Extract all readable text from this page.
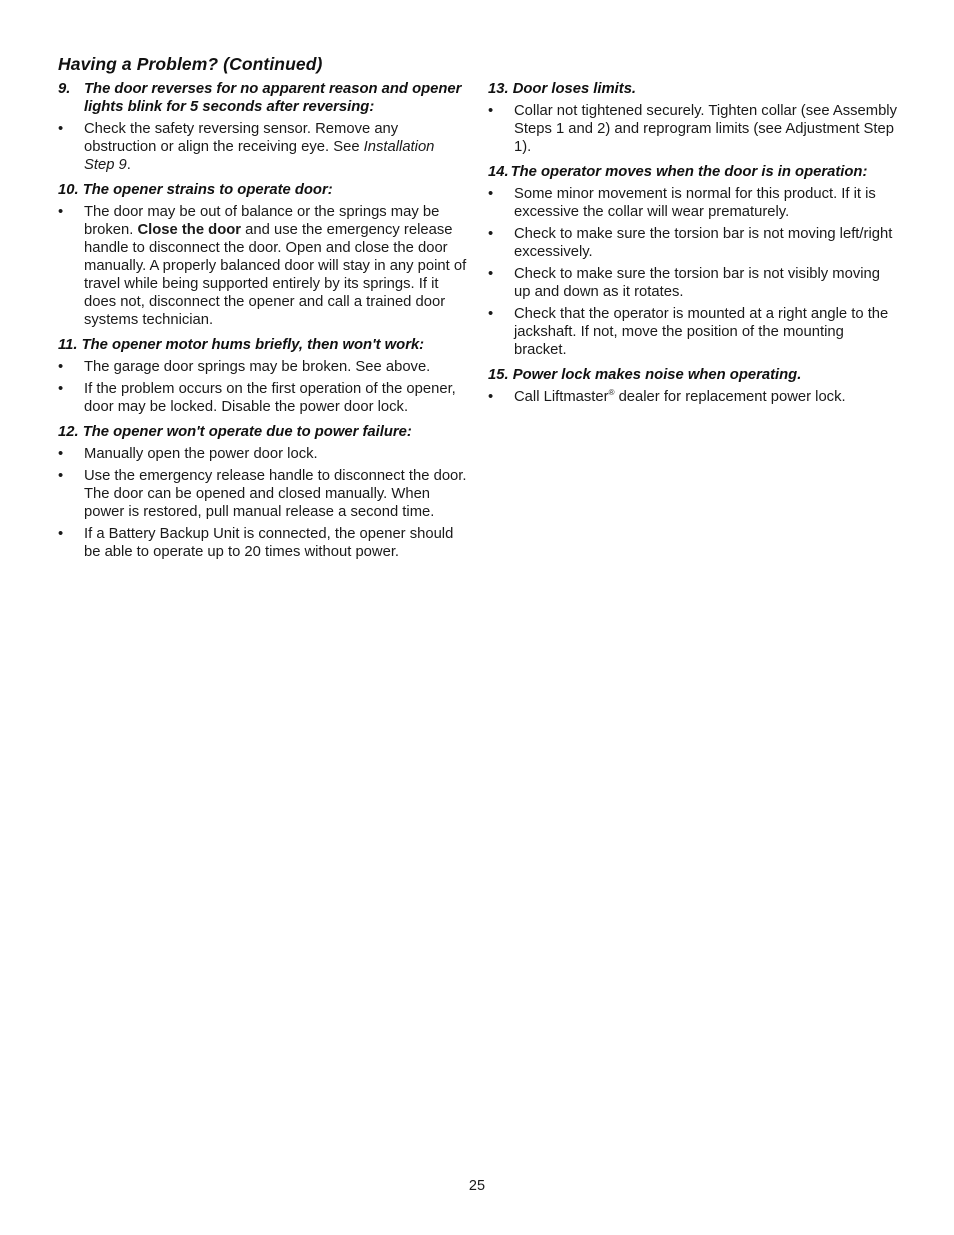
Having a Problem? (Continued)
9. The door reverses for no apparent reason and opener lights blink for 5 seconds after reversing:
•	Check the safety reversing sensor. Remove any obstruction or align the receiving eye. See Installation Step 9.
10.
The opener strains to operate door:
•	The door may be out of balance or the springs may be broken. Close the door and use the emergency release handle to disconnect the door. Open and close the door manually. A properly balanced door will stay in any point of travel while being supported entirely by its springs. If it does not, disconnect the opener and call a trained door systems technician.
11.
The opener motor hums briefly, then won't work:
•	The garage door springs may be broken. See above.
•	If the problem occurs on the first operation of the opener, door may be locked. Disable the power door lock.
12.
The opener won't operate due to power failure:
•	Manually open the power door lock.
•	Use the emergency release handle to disconnect the door. The door can be opened and closed manually. When power is restored, pull manual release a second time.
•	If a Battery Backup Unit is connected, the opener should be able to operate up to 20 times without power.
13.
Door loses limits.
•	Collar not tightened securely. Tighten collar (see Assembly Steps 1 and 2) and reprogram limits (see Adjustment Step 1).
14. The operator moves when the door is in operation:
•	Some minor movement is normal for this product. If it is excessive the collar will wear prematurely.
•	Check to make sure the torsion bar is not moving left/right excessively.
•	Check to make sure the torsion bar is not visibly moving up and down as it rotates.
•	Check that the operator is mounted at a right angle to the jackshaft. If not, move the position of the mounting bracket.
15.
Power lock makes noise when operating.
•	Call Liftmaster® dealer for replacement power lock.
25
